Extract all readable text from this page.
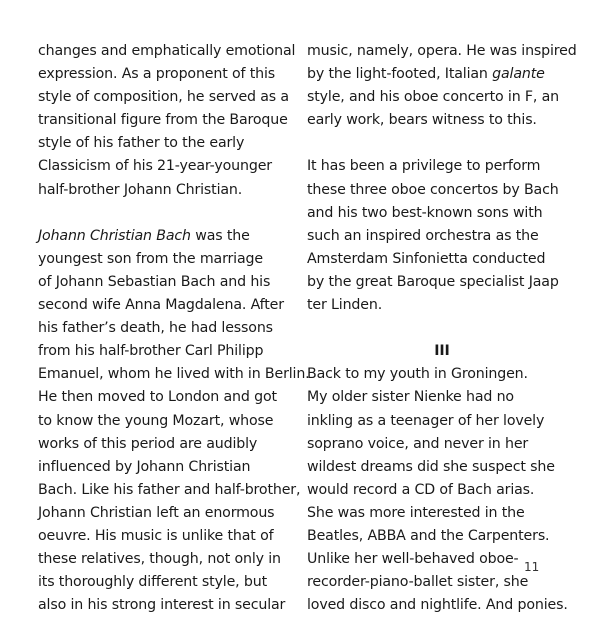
changes and emphatically emotional
expression. As a proponent of this
style of composition, he served as a
transitional figure from the Baroque
style of his father to the early
Classicism of his 21-year-younger
half-brother Johann Christian.
Johann Christian Bach was the
youngest son from the marriage
of Johann Sebastian Bach and his
second wife Anna Magdalena. After
his father’s death, he had lessons
from his half-brother Carl Philipp
Emanuel, whom he lived with in Berlin.
He then moved to London and got
to know the young Mozart, whose
works of this period are audibly
influenced by Johann Christian
Bach. Like his father and half-brother,
Johann Christian left an enormous
oeuvre. His music is unlike that of
these relatives, though, not only in
its thoroughly different style, but
also in his strong interest in secular
music, namely, opera. He was inspired
by the light-footed, Italian galante
style, and his oboe concerto in F, an
early work, bears witness to this.
It has been a privilege to perform
these three oboe concertos by Bach
and his two best-known sons with
such an inspired orchestra as the
Amsterdam Sinfonietta conducted
by the great Baroque specialist Jaap
ter Linden.
III
Back to my youth in Groningen.
My older sister Nienke had no
inkling as a teenager of her lovely
soprano voice, and never in her
wildest dreams did she suspect she
would record a CD of Bach arias.
She was more interested in the
Beatles, ABBA and the Carpenters.
Unlike her well-behaved oboe-
recorder-piano-ballet sister, she
loved disco and nightlife. And ponies.
11
